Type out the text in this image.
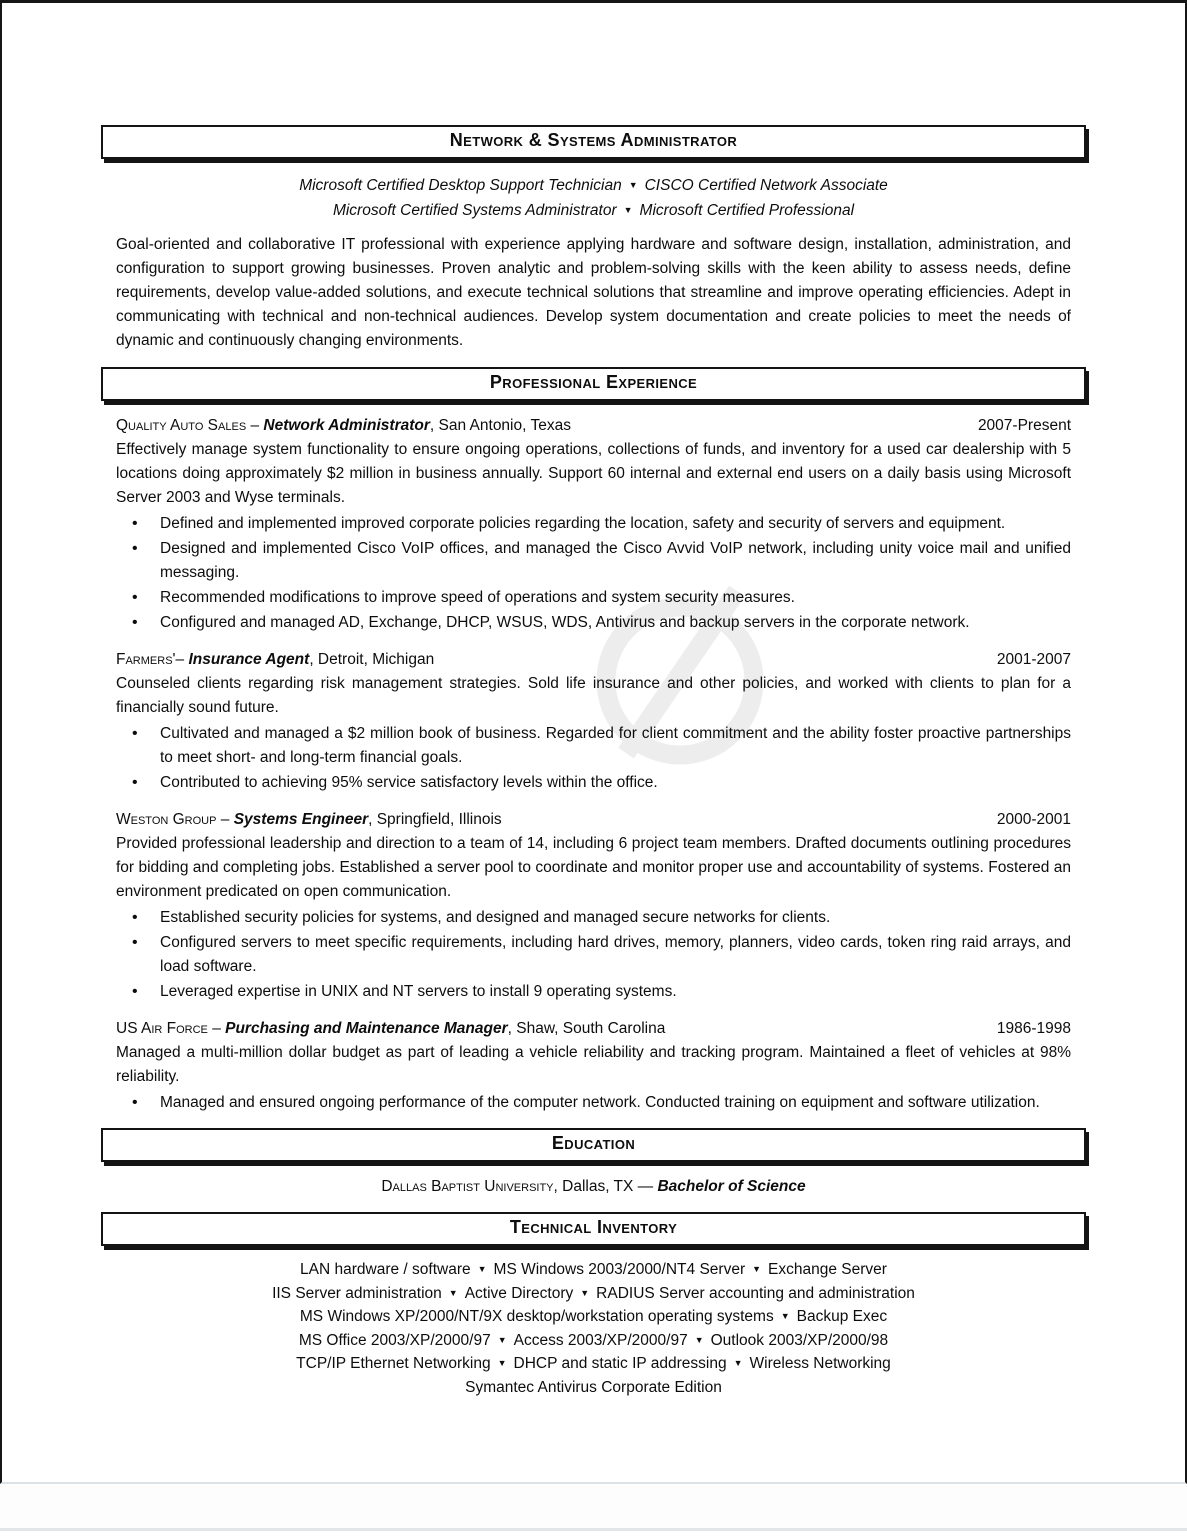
Network & Systems Administrator
Microsoft Certified Desktop Support Technician ▼ CISCO Certified Network Associate
Microsoft Certified Systems Administrator ▼ Microsoft Certified Professional

Goal-oriented and collaborative IT professional with experience applying hardware and software design, installation, administration, and configuration to support growing businesses. Proven analytic and problem-solving skills with the keen ability to assess needs, define requirements, develop value-added solutions, and execute technical solutions that streamline and improve operating efficiencies. Adept in communicating with technical and non-technical audiences. Develop system documentation and create policies to meet the needs of dynamic and continuously changing environments.

Professional Experience
Quality Auto Sales – Network Administrator, San Antonio, Texas	2007-Present

Effectively manage system functionality to ensure ongoing operations, collections of funds, and inventory for a used car dealership with 5 locations doing approximately $2 million in business annually. Support 60 internal and external end users on a daily basis using Microsoft Server 2003 and Wyse terminals.

• Defined and implemented improved corporate policies regarding the location, safety and security of servers and equipment.
• Designed and implemented Cisco VoIP offices, and managed the Cisco Avvid VoIP network, including unity voice mail and unified messaging.
• Recommended modifications to improve speed of operations and system security measures.
• Configured and managed AD, Exchange, DHCP, WSUS, WDS, Antivirus and backup servers in the corporate network.
Farmers'– Insurance Agent, Detroit, Michigan	2001-2007

Counseled clients regarding risk management strategies. Sold life insurance and other policies, and worked with clients to plan for a financially sound future.

• Cultivated and managed a $2 million book of business. Regarded for client commitment and the ability foster proactive partnerships to meet short- and long-term financial goals.
• Contributed to achieving 95% service satisfactory levels within the office.
Weston Group – Systems Engineer, Springfield, Illinois	2000-2001

Provided professional leadership and direction to a team of 14, including 6 project team members. Drafted documents outlining procedures for bidding and completing jobs. Established a server pool to coordinate and monitor proper use and accountability of systems. Fostered an environment predicated on open communication.

• Established security policies for systems, and designed and managed secure networks for clients.
• Configured servers to meet specific requirements, including hard drives, memory, planners, video cards, token ring raid arrays, and load software.
• Leveraged expertise in UNIX and NT servers to install 9 operating systems.
US Air Force – Purchasing and Maintenance Manager, Shaw, South Carolina	1986-1998

Managed a multi-million dollar budget as part of leading a vehicle reliability and tracking program. Maintained a fleet of vehicles at 98% reliability.

• Managed and ensured ongoing performance of the computer network. Conducted training on equipment and software utilization.
Education
Dallas Baptist University, Dallas, TX — Bachelor of Science
Technical Inventory
LAN hardware / software ▼ MS Windows 2003/2000/NT4 Server ▼ Exchange Server
IIS Server administration ▼ Active Directory ▼ RADIUS Server accounting and administration
MS Windows XP/2000/NT/9X desktop/workstation operating systems ▼ Backup Exec
MS Office 2003/XP/2000/97 ▼ Access 2003/XP/2000/97 ▼ Outlook 2003/XP/2000/98
TCP/IP Ethernet Networking ▼ DHCP and static IP addressing ▼ Wireless Networking
Symantec Antivirus Corporate Edition
